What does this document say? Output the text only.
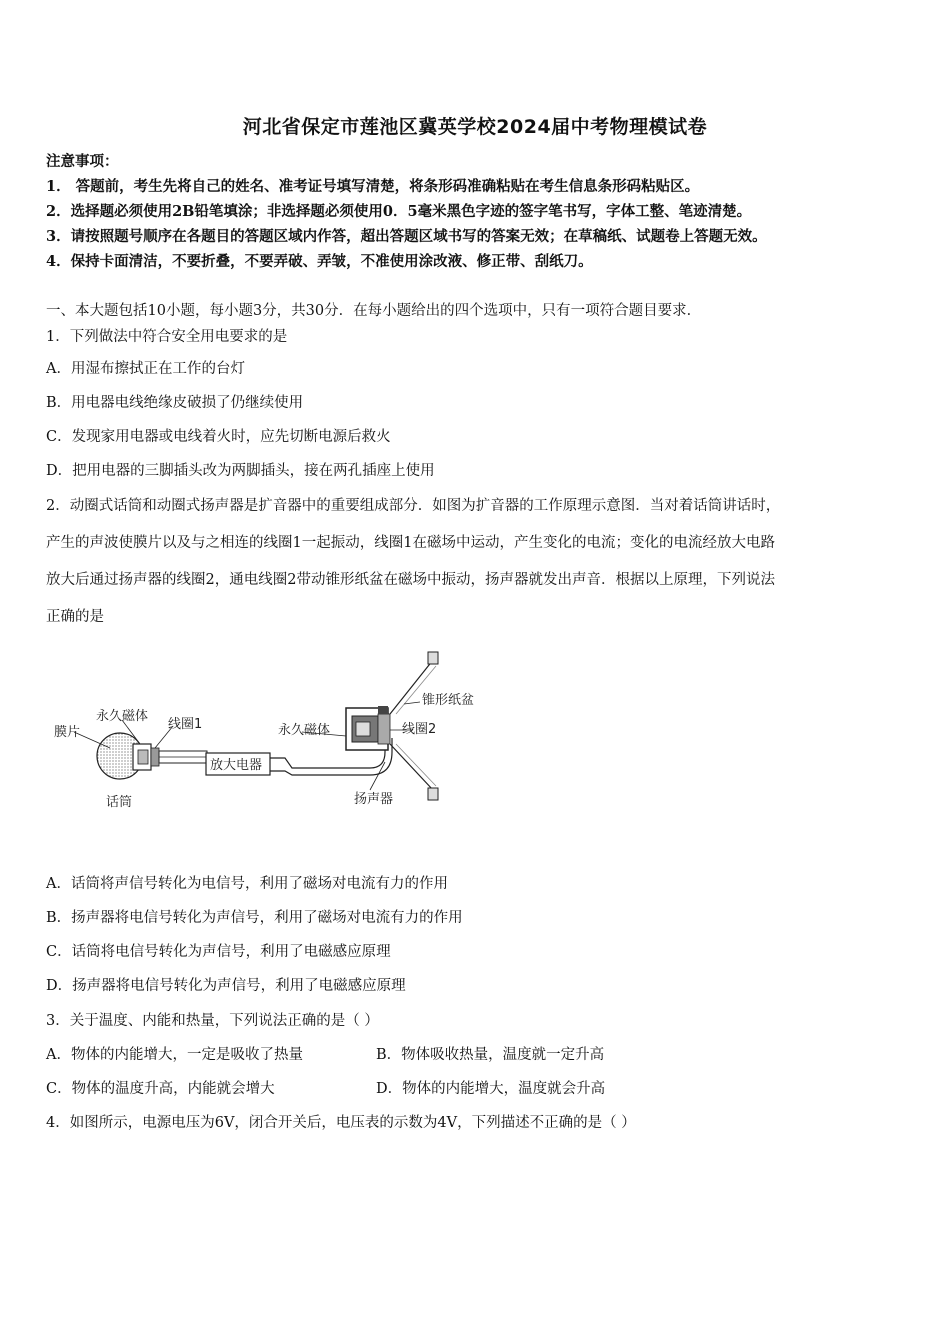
河北省保定市莲池区冀英学校2024届中考物理模试卷
注意事项：
1． 答题前，考生先将自己的姓名、准考证号填写清楚，将条形码准确粘贴在考生信息条形码粘贴区。
2．选择题必须使用2B铅笔填涂；非选择题必须使用0．5毫米黑色字迹的签字笔书写，字体工整、笔迹清楚。
3．请按照题号顺序在各题目的答题区域内作答，超出答题区域书写的答案无效；在草稿纸、试题卷上答题无效。
4．保持卡面清洁，不要折叠，不要弄破、弄皱，不准使用涂改液、修正带、刮纸刀。
一、本大题包括10小题，每小题3分，共30分．在每小题给出的四个选项中，只有一项符合题目要求．
1．下列做法中符合安全用电要求的是
A．用湿布擦拭正在工作的台灯
B．用电器电线绝缘皮破损了仍继续使用
C．发现家用电器或电线着火时，应先切断电源后救火
D．把用电器的三脚插头改为两脚插头，接在两孔插座上使用
2．动圈式话筒和动圈式扬声器是扩音器中的重要组成部分．如图为扩音器的工作原理示意图．当对着话筒讲话时，
产生的声波使膜片以及与之相连的线圈1一起振动，线圈1在磁场中运动，产生变化的电流；变化的电流经放大电路
放大后通过扬声器的线圈2，通电线圈2带动锥形纸盆在磁场中振动，扬声器就发出声音．根据以上原理，下列说法
正确的是
膜片
永久磁体
线圈1
放大电器
话筒
永久磁体
锥形纸盆
线圈2
扬声器
A．话筒将声信号转化为电信号，利用了磁场对电流有力的作用
B．扬声器将电信号转化为声信号，利用了磁场对电流有力的作用
C．话筒将电信号转化为声信号，利用了电磁感应原理
D．扬声器将电信号转化为声信号，利用了电磁感应原理
3．关于温度、内能和热量，下列说法正确的是（ ）
A．物体的内能增大，一定是吸收了热量	B．物体吸收热量，温度就一定升高
C．物体的温度升高，内能就会增大	D．物体的内能增大，温度就会升高
4．如图所示，电源电压为6V，闭合开关后，电压表的示数为4V，下列描述不正确的是（ ）
